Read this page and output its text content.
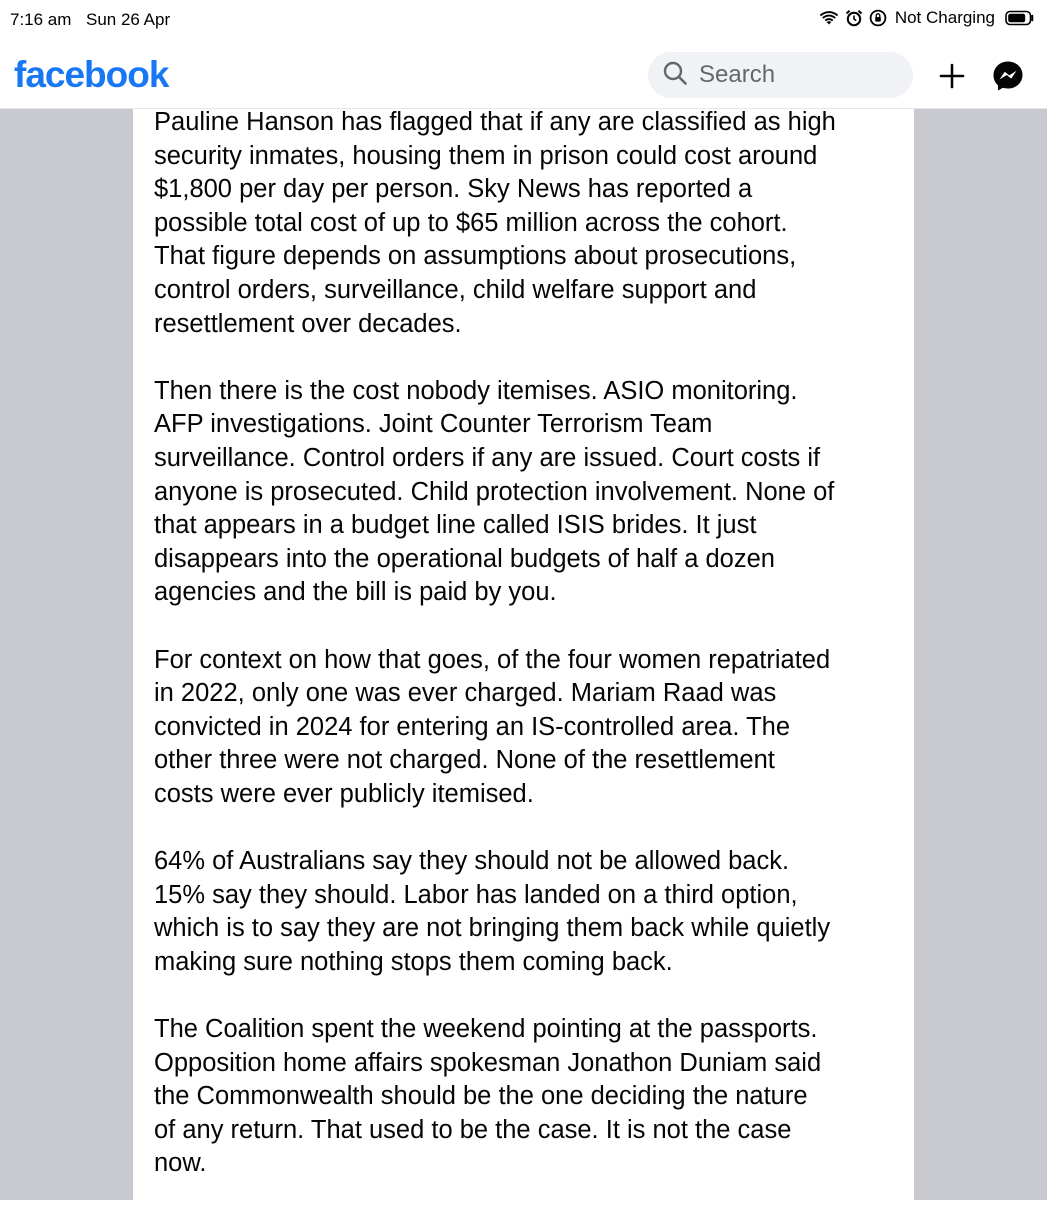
7:16 am Sun 26 Apr	Not Charging
facebook
Search

Pauline Hanson has flagged that if any are classified as high
security inmates, housing them in prison could cost around
$1,800 per day per person. Sky News has reported a
possible total cost of up to $65 million across the cohort.
That figure depends on assumptions about prosecutions,
control orders, surveillance, child welfare support and
resettlement over decades.

Then there is the cost nobody itemises. ASIO monitoring.
AFP investigations. Joint Counter Terrorism Team
surveillance. Control orders if any are issued. Court costs if
anyone is prosecuted. Child protection involvement. None of
that appears in a budget line called ISIS brides. It just
disappears into the operational budgets of half a dozen
agencies and the bill is paid by you.

For context on how that goes, of the four women repatriated
in 2022, only one was ever charged. Mariam Raad was
convicted in 2024 for entering an IS-controlled area. The
other three were not charged. None of the resettlement
costs were ever publicly itemised.

64% of Australians say they should not be allowed back.
15% say they should. Labor has landed on a third option,
which is to say they are not bringing them back while quietly
making sure nothing stops them coming back.

The Coalition spent the weekend pointing at the passports.
Opposition home affairs spokesman Jonathon Duniam said
the Commonwealth should be the one deciding the nature
of any return. That used to be the case. It is not the case
now.
